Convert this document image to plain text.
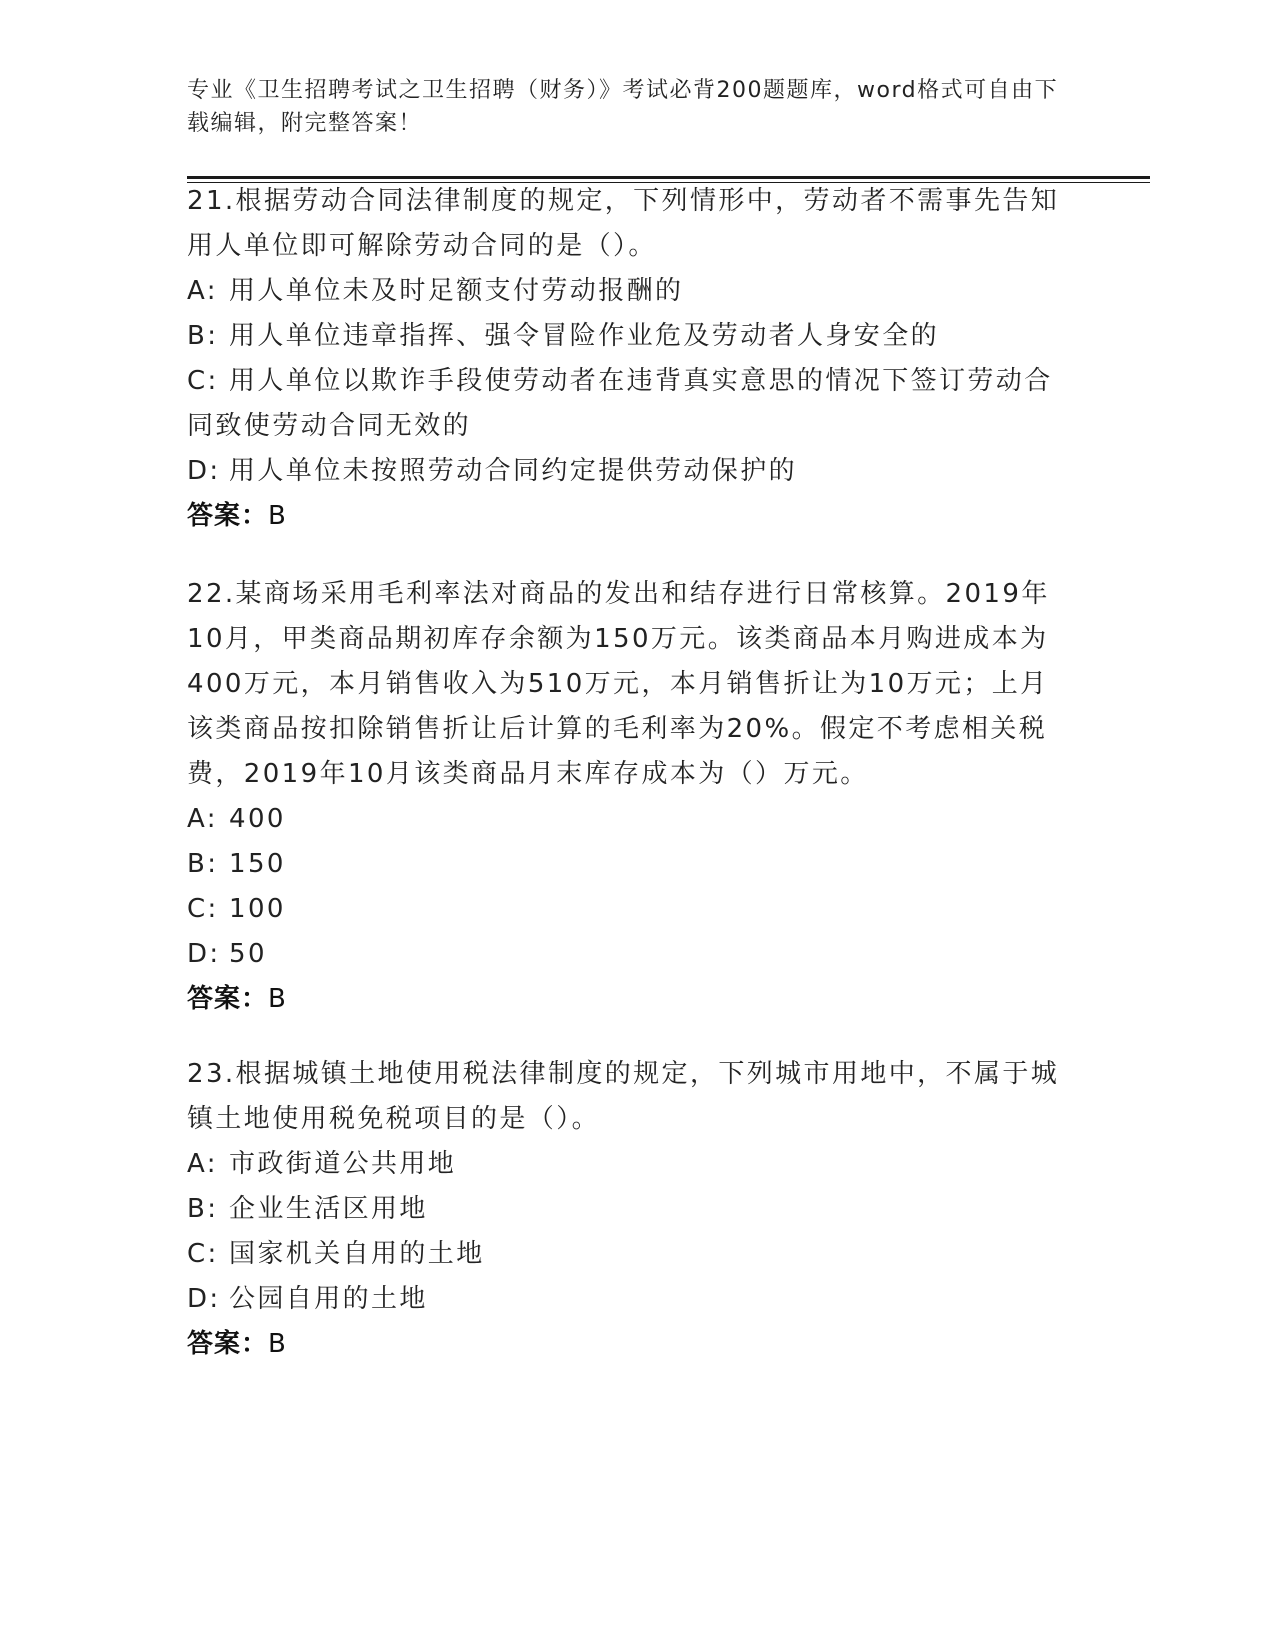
专业《卫生招聘考试之卫生招聘（财务）》考试必背200题题库，word格式可自由下载编辑，附完整答案！

21.根据劳动合同法律制度的规定，下列情形中，劳动者不需事先告知用人单位即可解除劳动合同的是（）。

A: 用人单位未及时足额支付劳动报酬的

B: 用人单位违章指挥、强令冒险作业危及劳动者人身安全的

C: 用人单位以欺诈手段使劳动者在违背真实意思的情况下签订劳动合同致使劳动合同无效的

D: 用人单位未按照劳动合同约定提供劳动保护的

答案：B

22.某商场采用毛利率法对商品的发出和结存进行日常核算。2019年10月，甲类商品期初库存余额为150万元。该类商品本月购进成本为400万元，本月销售收入为510万元，本月销售折让为10万元；上月该类商品按扣除销售折让后计算的毛利率为20%。假定不考虑相关税费，2019年10月该类商品月末库存成本为（）万元。

A: 400

B: 150

C: 100

D: 50

答案：B

23.根据城镇土地使用税法律制度的规定，下列城市用地中，不属于城镇土地使用税免税项目的是（）。

A: 市政街道公共用地

B: 企业生活区用地

C: 国家机关自用的土地

D: 公园自用的土地

答案：B
